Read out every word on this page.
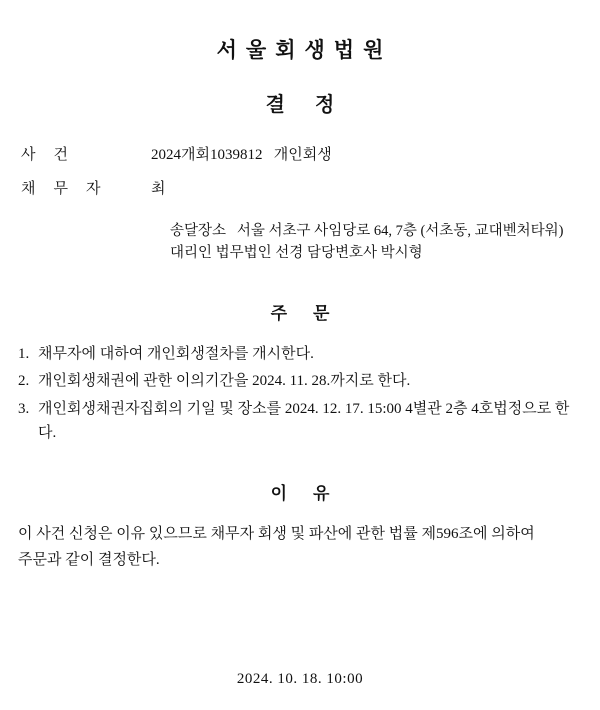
서울회생법원
결정
사건	2024개회1039812   개인회생
채무자	최
송달장소   서울 서초구 사임당로 64, 7층 (서초동, 교대벤처타워)
대리인 법무법인 선경 담당변호사 박시형
주문
1. 채무자에 대하여 개인회생절차를 개시한다.
2. 개인회생채권에 관한 이의기간을 2024. 11. 28.까지로 한다.
3. 개인회생채권자집회의 기일 및 장소를 2024. 12. 17. 15:00 4별관 2층 4호법정으로 한다.
이유
이 사건 신청은 이유 있으므로 채무자 회생 및 파산에 관한 법률 제596조에 의하여
주문과 같이 결정한다.
2024. 10. 18. 10:00
